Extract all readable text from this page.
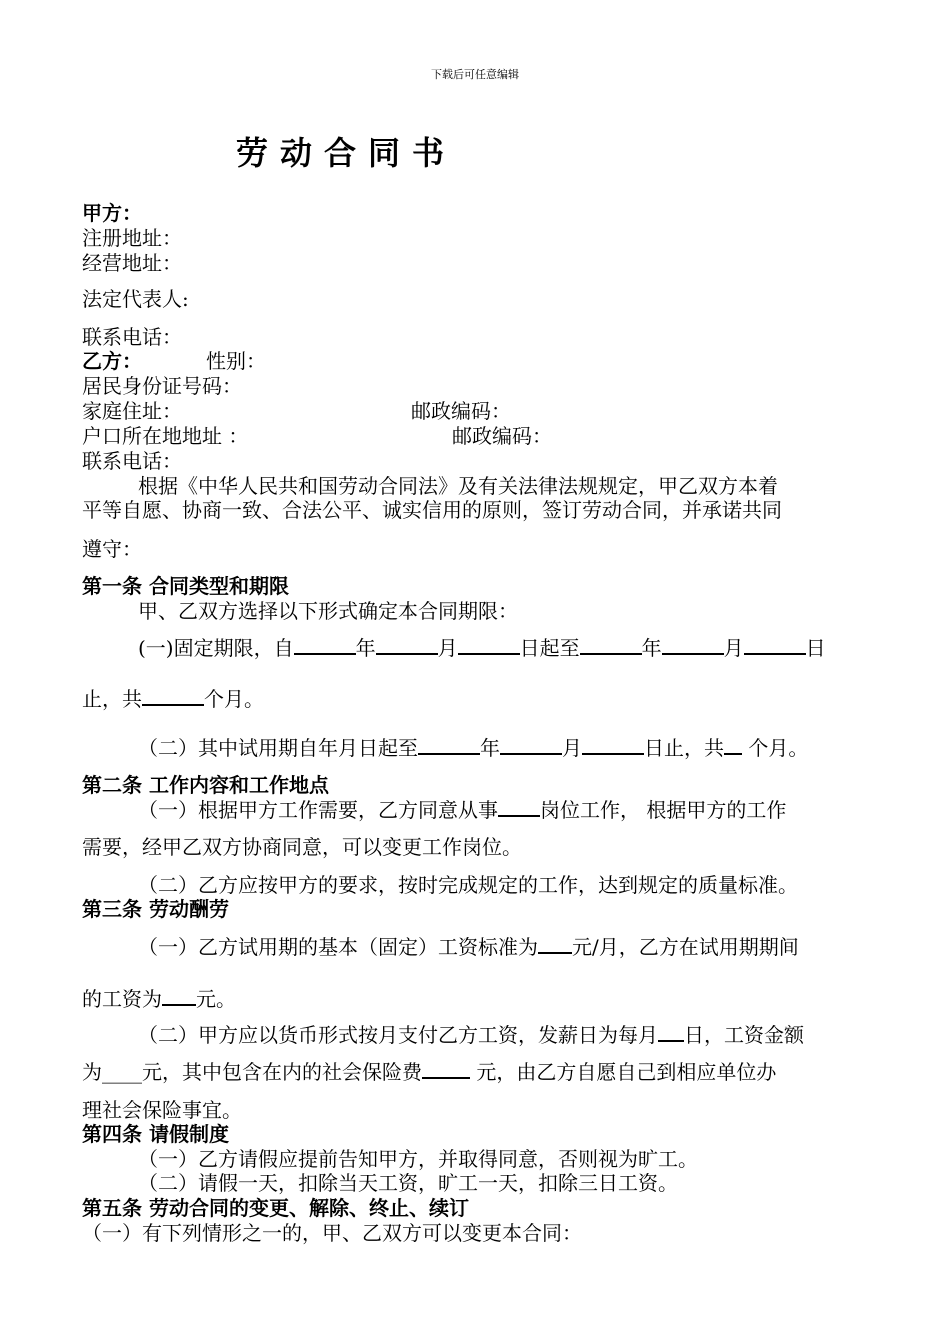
下载后可任意编辑
劳动合同书
甲方：
注册地址：
经营地址：
法定代表人:
联系电话：
乙方：	性别：
居民身份证号码：
家庭住址：	邮政编码：
户口所在地地址 ：	邮政编码：
联系电话：
根据《中华人民共和国劳动合同法》及有关法律法规规定，甲乙双方本着
平等自愿、协商一致、合法公平、诚实信用的原则，签订劳动合同，并承诺共同
遵守：
第一条 合同类型和期限
甲、乙双方选择以下形式确定本合同期限：
(一)固定期限，自	年	月	日起至	年	月	日
止，共	个月。
（二）其中试用期自年月日起至	年	月	日止，共 个月。
第二条 工作内容和工作地点
（一）根据甲方工作需要，乙方同意从事 岗位工作， 根据甲方的工作
需要，经甲乙双方协商同意，可以变更工作岗位。
（二）乙方应按甲方的要求，按时完成规定的工作，达到规定的质量标准。
第三条 劳动酬劳
（一）乙方试用期的基本（固定）工资标准为 元/月，乙方在试用期期间
的工资为 元。
（二）甲方应以货币形式按月支付乙方工资，发薪日为每月 日，工资金额
为____元，其中包含在内的社会保险费 元，由乙方自愿自己到相应单位办
理社会保险事宜。
第四条 请假制度
（一）乙方请假应提前告知甲方，并取得同意，否则视为旷工。
（二）请假一天，扣除当天工资，旷工一天，扣除三日工资。
第五条 劳动合同的变更、解除、终止、续订
（一）有下列情形之一的，甲、乙双方可以变更本合同：
